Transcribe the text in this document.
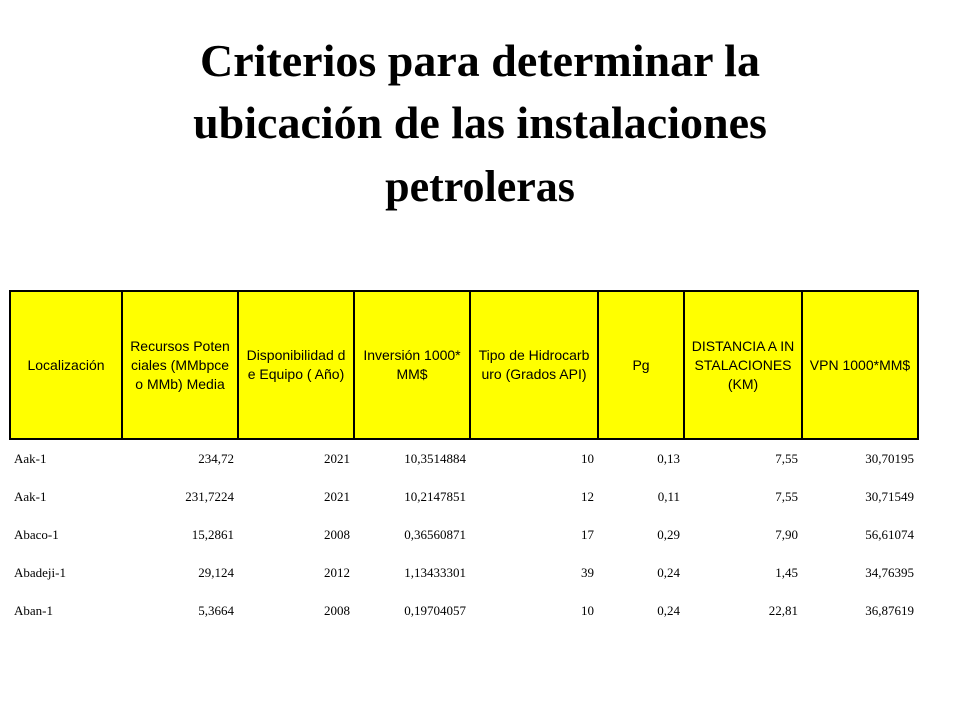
Criterios para determinar la
ubicación de las instalaciones
petroleras
Localización	Recursos Potenciales (MMbpce o MMb) Media	Disponibilidad de Equipo ( Año)	Inversión 1000*MM$	Tipo de Hidrocarburo (Grados API)	Pg	DISTANCIA A INSTALACIONES (KM)	VPN 1000*MM$
Aak-1	234,72	2021	10,3514884	10	0,13	7,55	30,70195
Aak-1	231,7224	2021	10,2147851	12	0,11	7,55	30,71549
Abaco-1	15,2861	2008	0,36560871	17	0,29	7,90	56,61074
Abadeji-1	29,124	2012	1,13433301	39	0,24	1,45	34,76395
Aban-1	5,3664	2008	0,19704057	10	0,24	22,81	36,87619
